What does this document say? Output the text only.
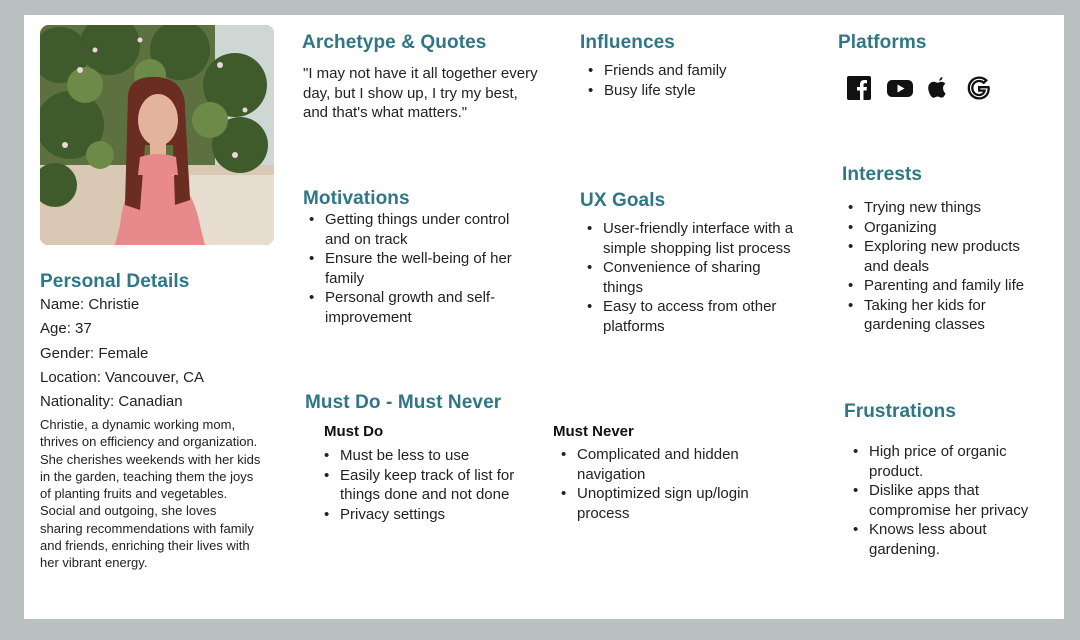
Personal Details
Name: Christie
Age: 37
Gender: Female
Location: Vancouver, CA
Nationality: Canadian

Christie, a dynamic working mom, thrives on efficiency and organization. She cherishes weekends with her kids in the garden, teaching them the joys of planting fruits and vegetables. Social and outgoing, she loves sharing recommendations with family and friends, enriching their lives with her vibrant energy.

Archetype & Quotes

"I may not have it all together every day, but I show up, I try my best, and that's what matters."

Influences
• Friends and family
• Busy life style
Platforms
Motivations
• Getting things under control and on track
• Ensure the well-being of her family
• Personal growth and self-improvement
UX Goals
• User-friendly interface with a simple shopping list process
• Convenience of sharing things
• Easy to access from other platforms
Interests
• Trying new things
• Organizing
• Exploring new products and deals
• Parenting and family life
• Taking her kids for gardening classes
Must Do - Must Never
Must Do
• Must be less to use
• Easily keep track of list for things done and not done
• Privacy settings
Must Never
• Complicated and hidden navigation
• Unoptimized sign up/login process
Frustrations
• High price of organic product.
• Dislike apps that compromise her privacy
• Knows less about gardening.
